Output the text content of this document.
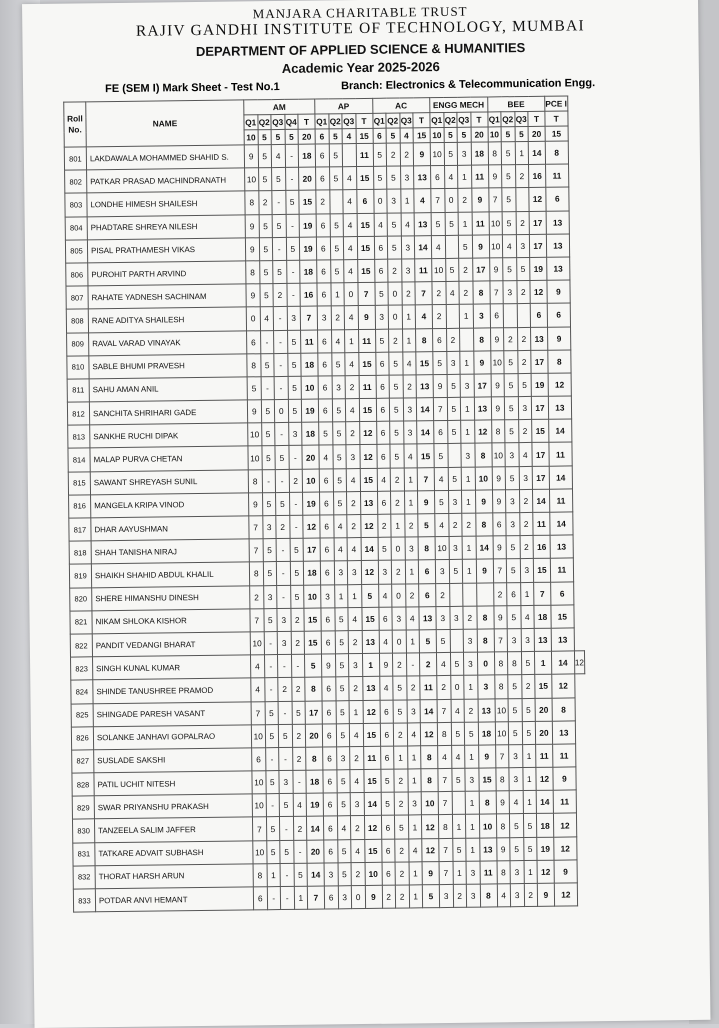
MANJARA CHARITABLE TRUST
RAJIV GANDHI INSTITUTE OF TECHNOLOGY, MUMBAI
DEPARTMENT OF APPLIED SCIENCE & HUMANITIES
Academic Year 2025-2026
FE (SEM I) Mark Sheet - Test No.1	Branch: Electronics & Telecommunication Engg.
Roll No.	NAME	AM					AP				AC				ENGG MECH				BEE				PCE I	
		Q1	Q2	Q3	Q4	T	Q1	Q2	Q3	T	Q1	Q2	Q3	T	Q1	Q2	Q3	T	Q1	Q2	Q3	T	T	
		10	5	5	5	20	6	5	4	15	6	5	4	15	10	5	5	20	10	5	5	20	15	
801	LAKDAWALA MOHAMMED SHAHID S.	9	5	4	-	18	6	5		11	5	2	2	9	10	5	3	18	8	5	1	14	8	
802	PATKAR PRASAD MACHINDRANATH	10	5	5	-	20	6	5	4	15	5	5	3	13	6	4	1	11	9	5	2	16	11	
803	LONDHE HIMESH SHAILESH	8	2	-	5	15	2		4	6	0	3	1	4	7	0	2	9	7	5		12	6	
804	PHADTARE SHREYA NILESH	9	5	5	-	19	6	5	4	15	4	5	4	13	5	5	1	11	10	5	2	17	13	
805	PISAL PRATHAMESH VIKAS	9	5	-	5	19	6	5	4	15	6	5	3	14	4		5	9	10	4	3	17	13	
806	PUROHIT PARTH ARVIND	8	5	5	-	18	6	5	4	15	6	2	3	11	10	5	2	17	9	5	5	19	13	
807	RAHATE YADNESH SACHINAM	9	5	2	-	16	6	1	0	7	5	0	2	7	2	4	2	8	7	3	2	12	9	
808	RANE ADITYA SHAILESH	0	4	-	3	7	3	2	4	9	3	0	1	4	2		1	3	6			6	6	
809	RAVAL VARAD VINAYAK	6	-	-	5	11	6	4	1	11	5	2	1	8	6	2		8	9	2	2	13	9	
810	SABLE BHUMI PRAVESH	8	5	-	5	18	6	5	4	15	6	5	4	15	5	3	1	9	10	5	2	17	8	
811	SAHU AMAN ANIL	5	-	-	5	10	6	3	2	11	6	5	2	13	9	5	3	17	9	5	5	19	12	
812	SANCHITA SHRIHARI GADE	9	5	0	5	19	6	5	4	15	6	5	3	14	7	5	1	13	9	5	3	17	13	
813	SANKHE RUCHI DIPAK	10	5	-	3	18	5	5	2	12	6	5	3	14	6	5	1	12	8	5	2	15	14	
814	MALAP PURVA CHETAN	10	5	5	-	20	4	5	3	12	6	5	4	15	5		3	8	10	3	4	17	11	
815	SAWANT SHREYASH SUNIL	8	-	-	2	10	6	5	4	15	4	2	1	7	4	5	1	10	9	5	3	17	14	
816	MANGELA KRIPA VINOD	9	5	5	-	19	6	5	2	13	6	2	1	9	5	3	1	9	9	3	2	14	11	
817	DHAR AAYUSHMAN	7	3	2	-	12	6	4	2	12	2	1	2	5	4	2	2	8	6	3	2	11	14	
818	SHAH TANISHA NIRAJ	7	5	-	5	17	6	4	4	14	5	0	3	8	10	3	1	14	9	5	2	16	13	
819	SHAIKH SHAHID ABDUL KHALIL	8	5	-	5	18	6	3	3	12	3	2	1	6	3	5	1	9	7	5	3	15	11	
820	SHERE HIMANSHU DINESH	2	3	-	5	10	3	1	1	5	4	0	2	6	2				2	6	1	7	6	
821	NIKAM SHLOKA KISHOR	7	5	3	2	15	6	5	4	15	6	3	4	13	3	3	2	8	9	5	4	18	15	
822	PANDIT VEDANGI BHARAT	10	-	3	2	15	6	5	2	13	4	0	1	5	5		3	8	7	3	3	13	13	
823	SINGH KUNAL KUMAR	4	-	-	-	5	9	5	3	1	9	2	-	2	4	5	3	0	8	8	5	1	14	12
824	SHINDE TANUSHREE PRAMOD	4	-	2	2	8	6	5	2	13	4	5	2	11	2	0	1	3	8	5	2	15	12	
825	SHINGADE PARESH VASANT	7	5	-	5	17	6	5	1	12	6	5	3	14	7	4	2	13	10	5	5	20	8	
826	SOLANKE JANHAVI GOPALRAO	10	5	5	2	20	6	5	4	15	6	2	4	12	8	5	5	18	10	5	5	20	13	
827	SUSLADE SAKSHI	6	-	-	2	8	6	3	2	11	6	1	1	8	4	4	1	9	7	3	1	11	11	
828	PATIL UCHIT NITESH	10	5	3	-	18	6	5	4	15	5	2	1	8	7	5	3	15	8	3	1	12	9	
829	SWAR PRIYANSHU PRAKASH	10	-	5	4	19	6	5	3	14	5	2	3	10	7		1	8	9	4	1	14	11	
830	TANZEELA SALIM JAFFER	7	5	-	2	14	6	4	2	12	6	5	1	12	8	1	1	10	8	5	5	18	12	
831	TATKARE ADVAIT SUBHASH	10	5	5	-	20	6	5	4	15	6	2	4	12	7	5	1	13	9	5	5	19	12	
832	THORAT HARSH ARUN	8	1	-	5	14	3	5	2	10	6	2	1	9	7	1	3	11	8	3	1	12	9	
833	POTDAR ANVI HEMANT	6	-	-	1	7	6	3	0	9	2	2	1	5	3	2	3	8	4	3	2	9	12	
